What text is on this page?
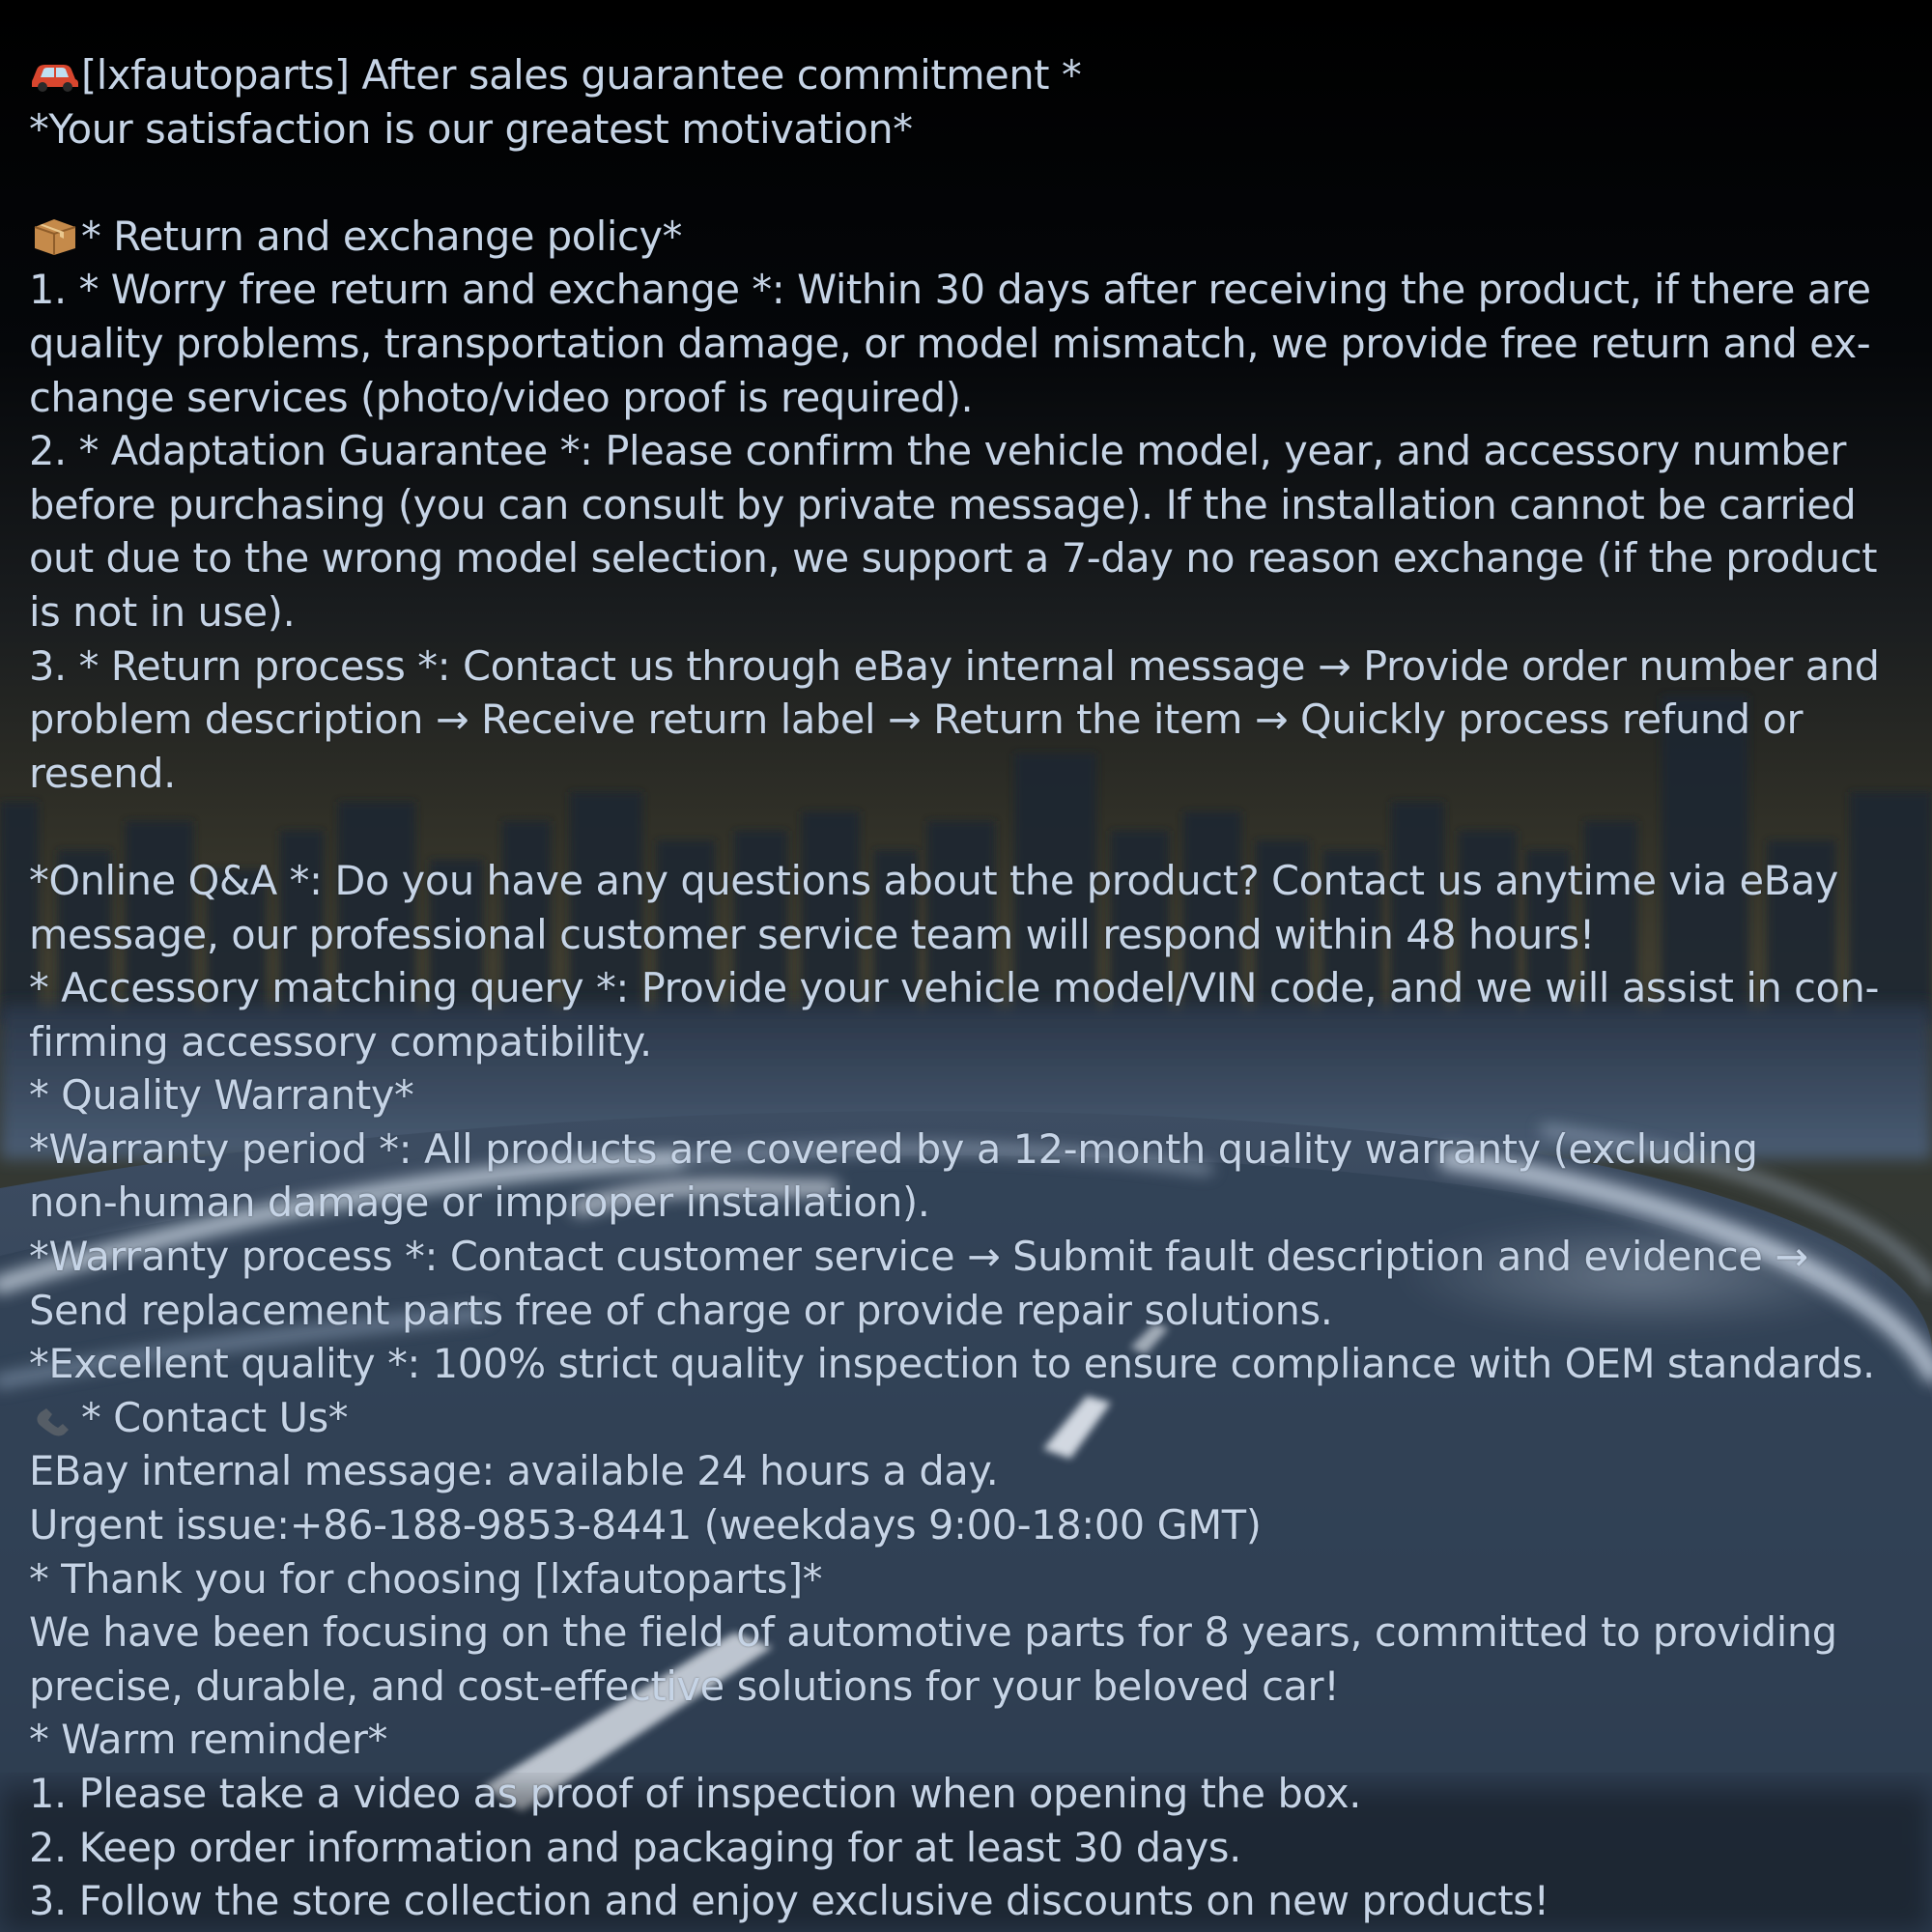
[lxfautoparts] After sales guarantee commitment *
*Your satisfaction is our greatest motivation*
* Return and exchange policy*
1. * Worry free return and exchange *: Within 30 days after receiving the product, if there are
quality problems, transportation damage, or model mismatch, we provide free return and ex-
change services (photo/video proof is required).
2. * Adaptation Guarantee *: Please confirm the vehicle model, year, and accessory number
before purchasing (you can consult by private message). If the installation cannot be carried
out due to the wrong model selection, we support a 7-day no reason exchange (if the product
is not in use).
3. * Return process *: Contact us through eBay internal message → Provide order number and
problem description → Receive return label → Return the item → Quickly process refund or
resend.
*Online Q&A *: Do you have any questions about the product? Contact us anytime via eBay
message, our professional customer service team will respond within 48 hours!
* Accessory matching query *: Provide your vehicle model/VIN code, and we will assist in con-
firming accessory compatibility.
* Quality Warranty*
*Warranty period *: All products are covered by a 12-month quality warranty (excluding
non-human damage or improper installation).
*Warranty process *: Contact customer service → Submit fault description and evidence →
Send replacement parts free of charge or provide repair solutions.
*Excellent quality *: 100% strict quality inspection to ensure compliance with OEM standards.
* Contact Us*
EBay internal message: available 24 hours a day.
Urgent issue:+86-188-9853-8441 (weekdays 9:00-18:00 GMT)
* Thank you for choosing [lxfautoparts]*
We have been focusing on the field of automotive parts for 8 years, committed to providing
precise, durable, and cost-effective solutions for your beloved car!
* Warm reminder*
1. Please take a video as proof of inspection when opening the box.
2. Keep order information and packaging for at least 30 days.
3. Follow the store collection and enjoy exclusive discounts on new products!
